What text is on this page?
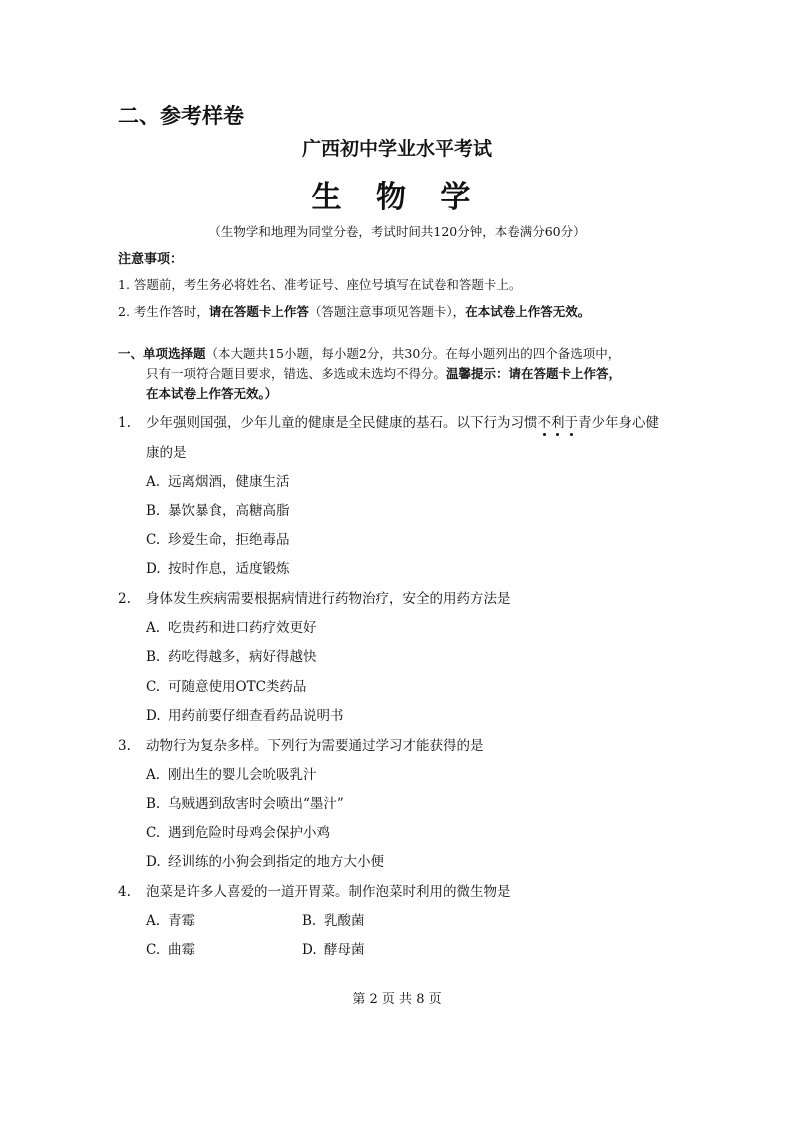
二、参考样卷
广西初中学业水平考试
生 物 学
（生物学和地理为同堂分卷，考试时间共120分钟，本卷满分60分）
注意事项：
1. 答题前，考生务必将姓名、准考证号、座位号填写在试卷和答题卡上。
2. 考生作答时，请在答题卡上作答（答题注意事项见答题卡），在本试卷上作答无效。
一、单项选择题（本大题共15小题，每小题2分，共30分。在每小题列出的四个备选项中，
只有一项符合题目要求，错选、多选或未选均不得分。温馨提示：请在答题卡上作答，
在本试卷上作答无效。）
1. 少年强则国强，少年儿童的健康是全民健康的基石。以下行为习惯不利于青少年身心健
康的是
A. 远离烟酒，健康生活
B. 暴饮暴食，高糖高脂
C. 珍爱生命，拒绝毒品
D. 按时作息，适度锻炼
2. 身体发生疾病需要根据病情进行药物治疗，安全的用药方法是
A. 吃贵药和进口药疗效更好
B. 药吃得越多，病好得越快
C. 可随意使用OTC类药品
D. 用药前要仔细查看药品说明书
3. 动物行为复杂多样。下列行为需要通过学习才能获得的是
A. 刚出生的婴儿会吮吸乳汁
B. 乌贼遇到敌害时会喷出“墨汁”
C. 遇到危险时母鸡会保护小鸡
D. 经训练的小狗会到指定的地方大小便
4. 泡菜是许多人喜爱的一道开胃菜。制作泡菜时利用的微生物是
A. 青霉	B. 乳酸菌
C. 曲霉	D. 酵母菌
第 2 页 共 8 页
